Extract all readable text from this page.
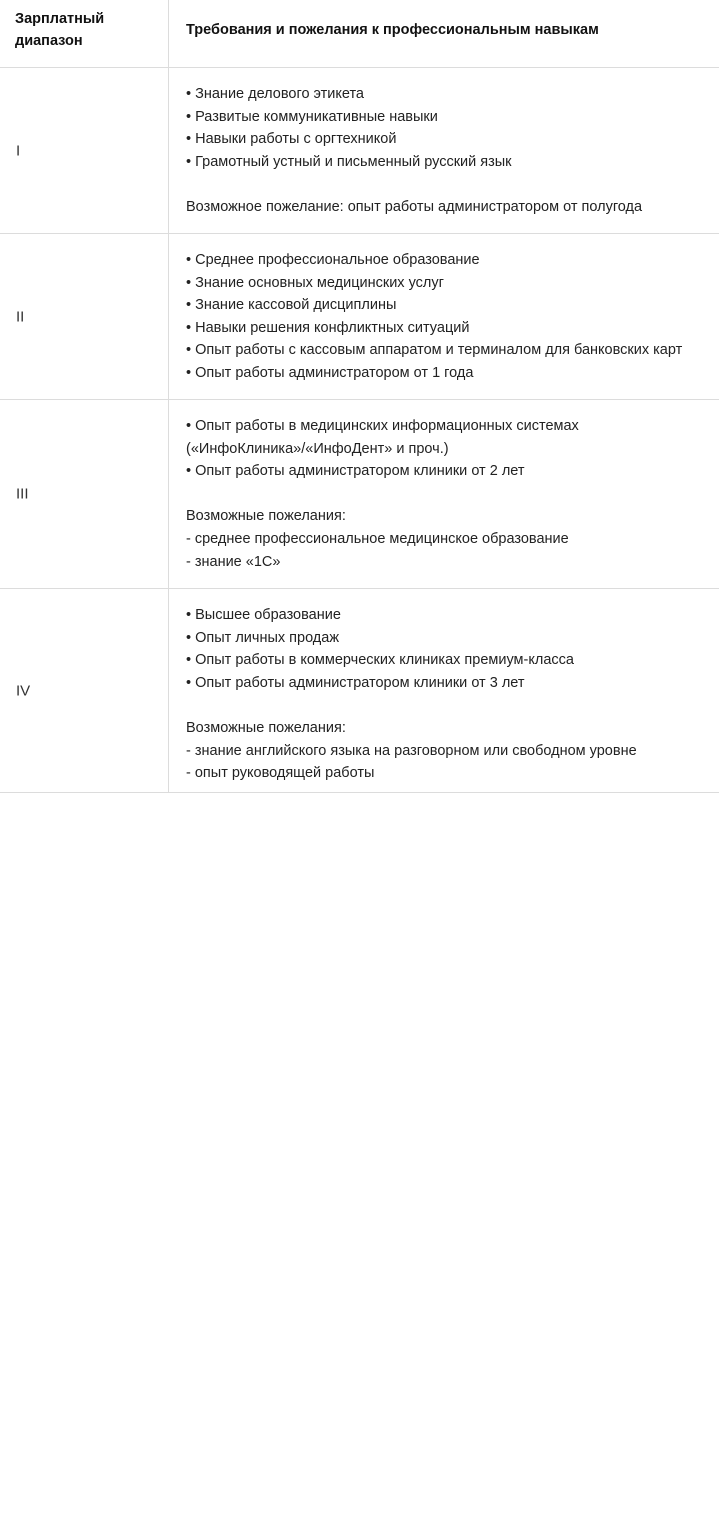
Зарплатный диапазон
Требования и пожелания к профессиональным навыкам
I
II
III
IV
• Знание делового этикета
• Развитые коммуникативные навыки
• Навыки работы с оргтехникой
• Грамотный устный и письменный русский язык
Возможное пожелание: опыт работы администратором от полугода
• Среднее профессиональное образование
• Знание основных медицинских услуг
• Знание кассовой дисциплины
• Навыки решения конфликтных ситуаций
• Опыт работы с кассовым аппаратом и терминалом для банковских карт
• Опыт работы администратором от 1 года
• Опыт работы в медицинских информационных системах
(«ИнфоКлиника»/«ИнфоДент» и проч.)
• Опыт работы администратором клиники от 2 лет
Возможные пожелания:
- среднее профессиональное медицинское образование
- знание «1С»
• Высшее образование
• Опыт личных продаж
• Опыт работы в коммерческих клиниках премиум-класса
• Опыт работы администратором клиники от 3 лет
Возможные пожелания:
- знание английского языка на разговорном или свободном уровне
- опыт руководящей работы
